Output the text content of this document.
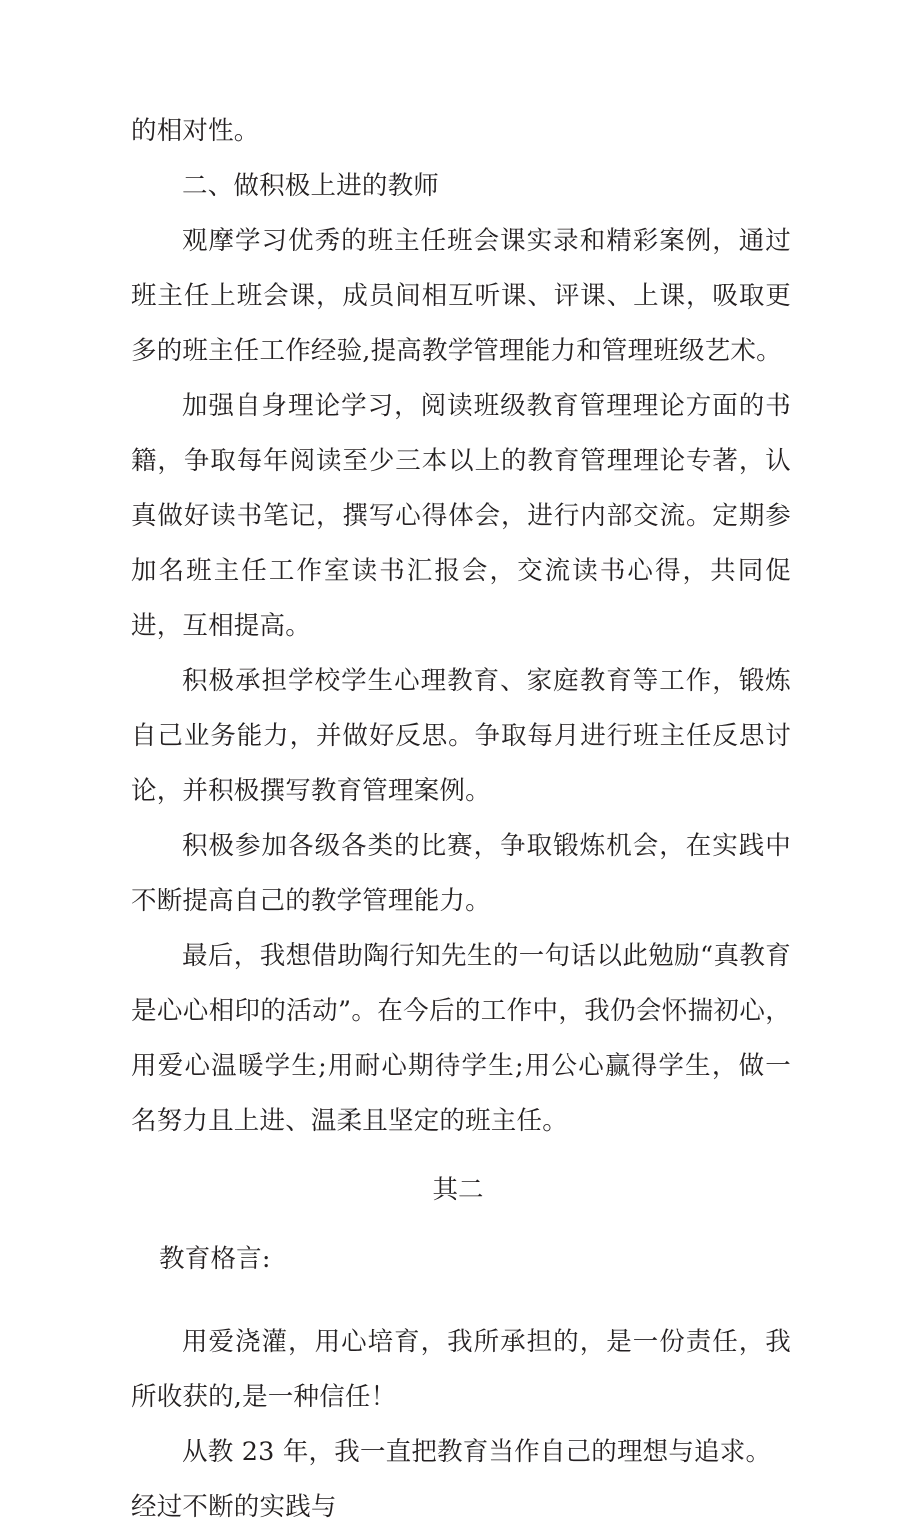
的相对性。

二、做积极上进的教师

观摩学习优秀的班主任班会课实录和精彩案例，通过班主任上班会课，成员间相互听课、评课、上课，吸取更多的班主任工作经验,提高教学管理能力和管理班级艺术。

加强自身理论学习，阅读班级教育管理理论方面的书籍，争取每年阅读至少三本以上的教育管理理论专著，认真做好读书笔记，撰写心得体会，进行内部交流。定期参加名班主任工作室读书汇报会，交流读书心得，共同促进，互相提高。

积极承担学校学生心理教育、家庭教育等工作，锻炼自己业务能力，并做好反思。争取每月进行班主任反思讨论，并积极撰写教育管理案例。

积极参加各级各类的比赛，争取锻炼机会，在实践中不断提高自己的教学管理能力。

最后，我想借助陶行知先生的一句话以此勉励“真教育是心心相印的活动”。在今后的工作中，我仍会怀揣初心，用爱心温暖学生;用耐心期待学生;用公心赢得学生，做一名努力且上进、温柔且坚定的班主任。

其二

教育格言:

用爱浇灌，用心培育，我所承担的，是一份责任，我所收获的,是一种信任！

从教 23 年，我一直把教育当作自己的理想与追求。经过不断的实践与
